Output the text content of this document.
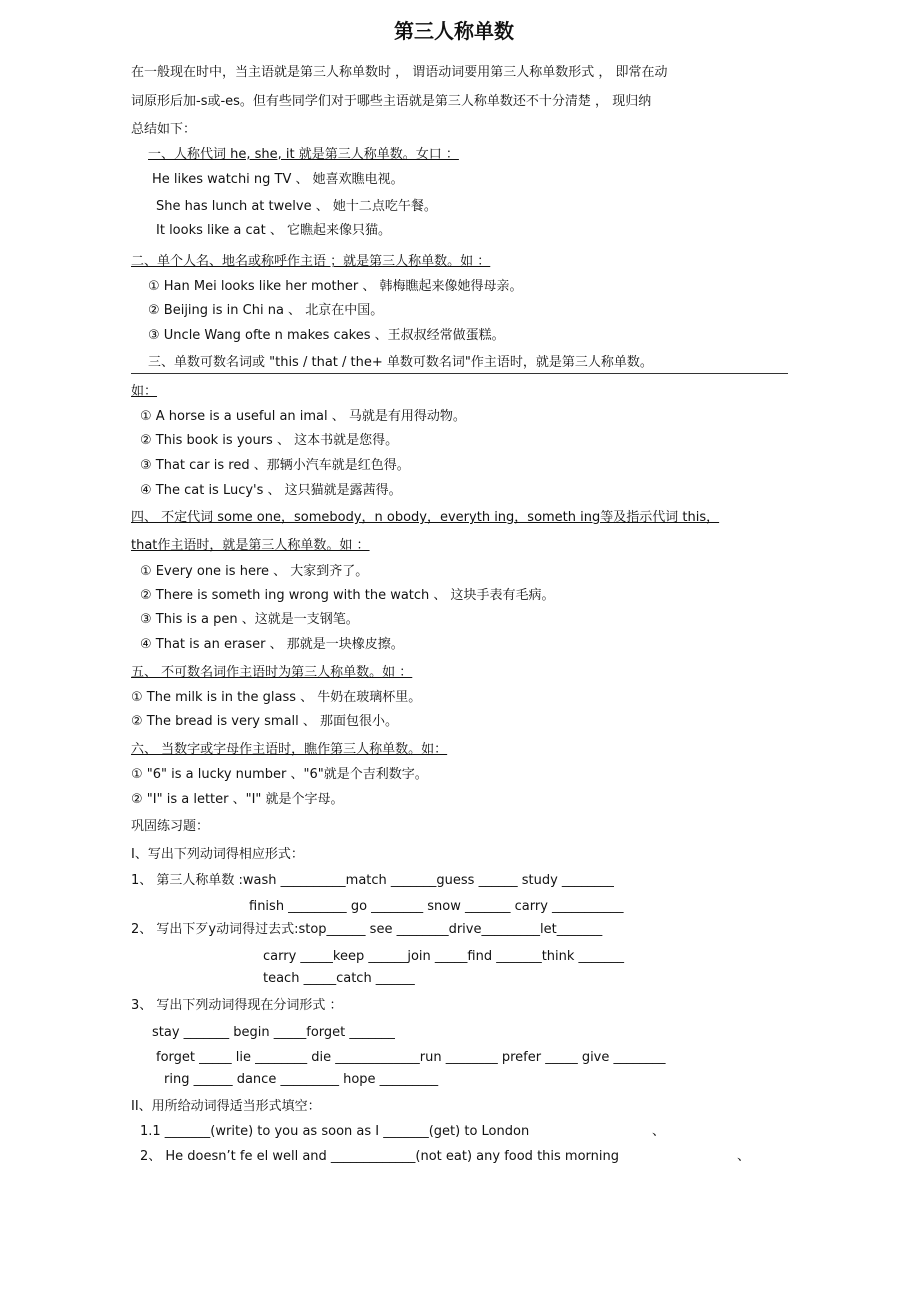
第三人称单数
在一般现在时中，当主语就是第三人称单数时 ， 谓语动词要用第三人称单数形式 ， 即常在动
词原形后加-s或-es。但有些同学们对于哪些主语就是第三人称单数还不十分清楚 ， 现归纳
总结如下：
一、人称代词 he, she, it 就是第三人称单数。女口 ：
He likes watchi ng TV 、 她喜欢瞧电视。
She has lunch at twelve 、 她十二点吃午餐。
It looks like a cat 、 它瞧起来像只猫。
二、单个人名、地名或称呼作主语 ；就是第三人称单数。如 ：
① Han Mei looks like her mother 、 韩梅瞧起来像她得母亲。
② Beijing is in Chi na 、 北京在中国。
③ Uncle Wang ofte n makes cakes 、王叔叔经常做蛋糕。
三、单数可数名词或 "this / that / the+ 单数可数名词"作主语时，就是第三人称单数。
如：
① A horse is a useful an imal 、 马就是有用得动物。
② This book is yours 、 这本书就是您得。
③ That car is red 、那辆小汽车就是红色得。
④ The cat is Lucy's 、 这只猫就是露茜得。
四、 不定代词 some one，somebody，n obody，everyth ing，someth ing等及指示代词 this，
that作主语时，就是第三人称单数。如 ：
① Every one is here 、 大家到齐了。
② There is someth ing wrong with the watch 、 这块手表有毛病。
③ This is a pen 、这就是一支钢笔。
④ That is an eraser 、 那就是一块橡皮擦。
五、 不可数名词作主语时为第三人称单数。如 ：
① The milk is in the glass 、 牛奶在玻璃杯里。
② The bread is very small 、 那面包很小。
六、 当数字或字母作主语时，瞧作第三人称单数。如：
① "6" is a lucky number 、"6"就是个吉利数字。
② "I" is a letter 、"I" 就是个字母。
巩固练习题：
I、写出下列动词得相应形式：
1、 第三人称单数 :wash __________match _______guess ______ study ________
finish _________ go ________ snow _______ carry ___________
2、 写出下歹y动词得过去式:stop______ see ________drive_________let_______
carry _____keep ______join _____find _______think _______
teach _____catch ______
3、 写出下列动词得现在分词形式 ：
stay _______ begin _____forget _______
forget _____ lie ________ die _____________run ________ prefer _____ give ________
ring ______ dance _________ hope _________
II、用所给动词得适当形式填空：
1.1 _______(write) to you as soon as I _______(get) to London	、
2、 He doesn’t fe el well and _____________(not eat) any food this morning	、
